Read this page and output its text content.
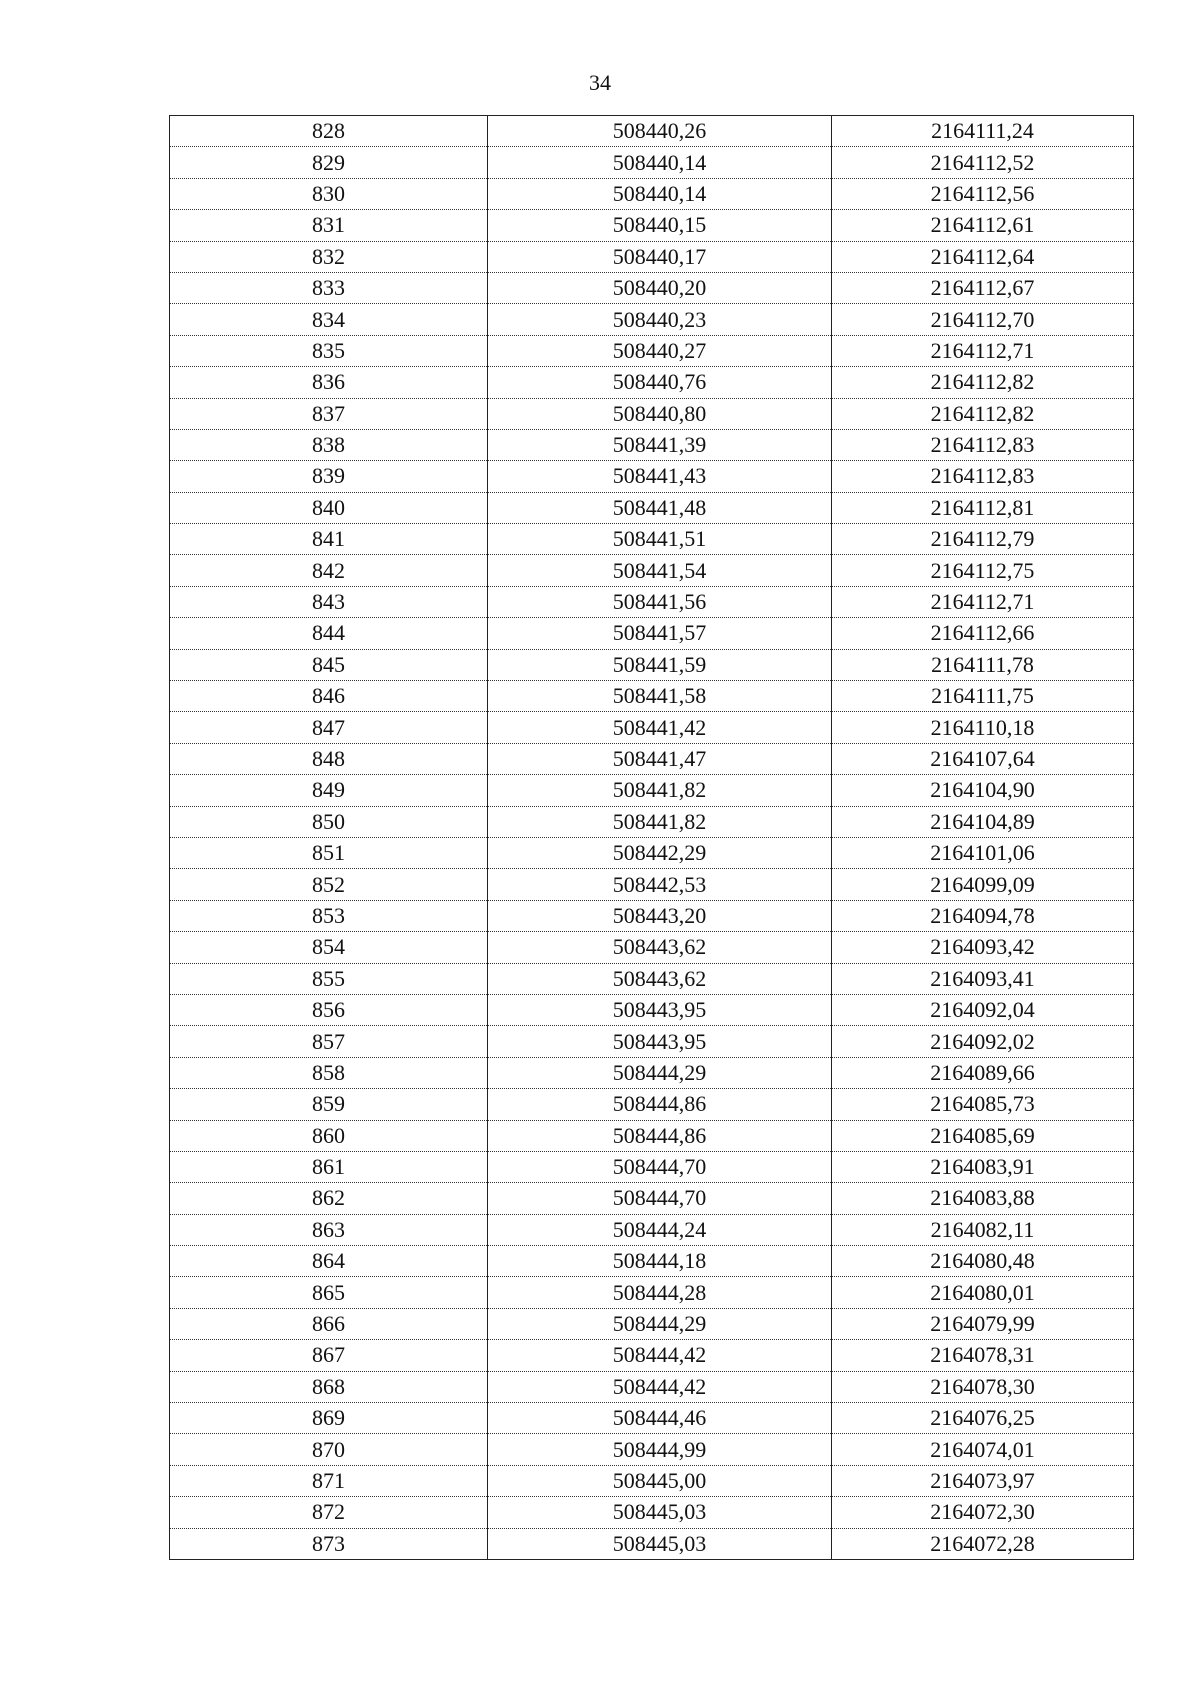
34
828	508440,26	2164111,24
829	508440,14	2164112,52
830	508440,14	2164112,56
831	508440,15	2164112,61
832	508440,17	2164112,64
833	508440,20	2164112,67
834	508440,23	2164112,70
835	508440,27	2164112,71
836	508440,76	2164112,82
837	508440,80	2164112,82
838	508441,39	2164112,83
839	508441,43	2164112,83
840	508441,48	2164112,81
841	508441,51	2164112,79
842	508441,54	2164112,75
843	508441,56	2164112,71
844	508441,57	2164112,66
845	508441,59	2164111,78
846	508441,58	2164111,75
847	508441,42	2164110,18
848	508441,47	2164107,64
849	508441,82	2164104,90
850	508441,82	2164104,89
851	508442,29	2164101,06
852	508442,53	2164099,09
853	508443,20	2164094,78
854	508443,62	2164093,42
855	508443,62	2164093,41
856	508443,95	2164092,04
857	508443,95	2164092,02
858	508444,29	2164089,66
859	508444,86	2164085,73
860	508444,86	2164085,69
861	508444,70	2164083,91
862	508444,70	2164083,88
863	508444,24	2164082,11
864	508444,18	2164080,48
865	508444,28	2164080,01
866	508444,29	2164079,99
867	508444,42	2164078,31
868	508444,42	2164078,30
869	508444,46	2164076,25
870	508444,99	2164074,01
871	508445,00	2164073,97
872	508445,03	2164072,30
873	508445,03	2164072,28
